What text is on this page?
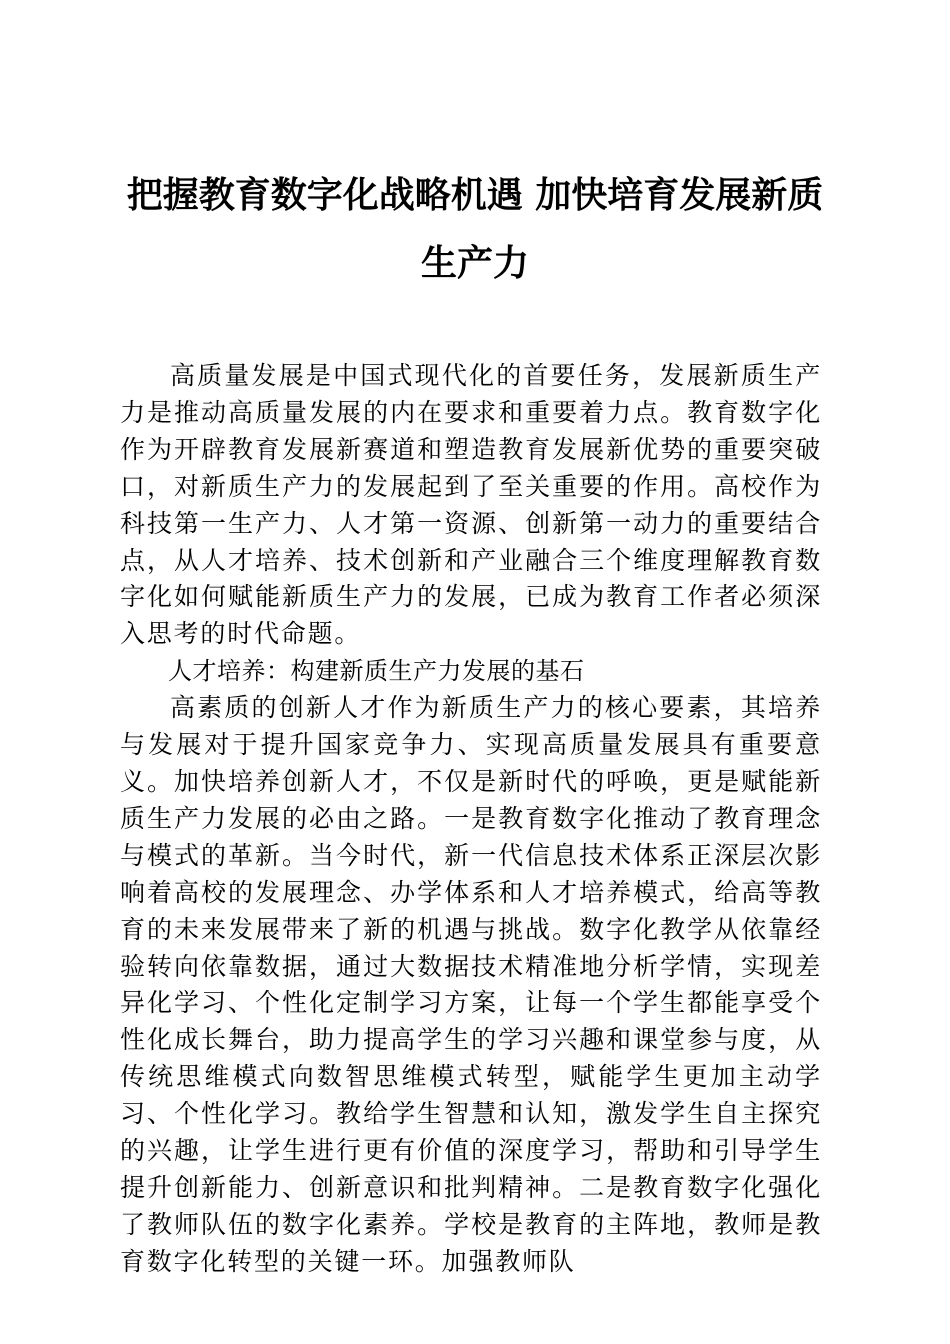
把握教育数字化战略机遇 加快培育发展新质
生产力

高质量发展是中国式现代化的首要任务，发展新质生产力是推动高质量发展的内在要求和重要着力点。教育数字化作为开辟教育发展新赛道和塑造教育发展新优势的重要突破口，对新质生产力的发展起到了至关重要的作用。高校作为科技第一生产力、人才第一资源、创新第一动力的重要结合点，从人才培养、技术创新和产业融合三个维度理解教育数字化如何赋能新质生产力的发展，已成为教育工作者必须深入思考的时代命题。

人才培养：构建新质生产力发展的基石

高素质的创新人才作为新质生产力的核心要素，其培养与发展对于提升国家竞争力、实现高质量发展具有重要意义。加快培养创新人才，不仅是新时代的呼唤，更是赋能新质生产力发展的必由之路。一是教育数字化推动了教育理念与模式的革新。当今时代，新一代信息技术体系正深层次影响着高校的发展理念、办学体系和人才培养模式，给高等教育的未来发展带来了新的机遇与挑战。数字化教学从依靠经验转向依靠数据，通过大数据技术精准地分析学情，实现差异化学习、个性化定制学习方案，让每一个学生都能享受个性化成长舞台，助力提高学生的学习兴趣和课堂参与度，从传统思维模式向数智思维模式转型，赋能学生更加主动学习、个性化学习。教给学生智慧和认知，激发学生自主探究的兴趣，让学生进行更有价值的深度学习，帮助和引导学生提升创新能力、创新意识和批判精神。二是教育数字化强化了教师队伍的数字化素养。学校是教育的主阵地，教师是教育数字化转型的关键一环。加强教师队
